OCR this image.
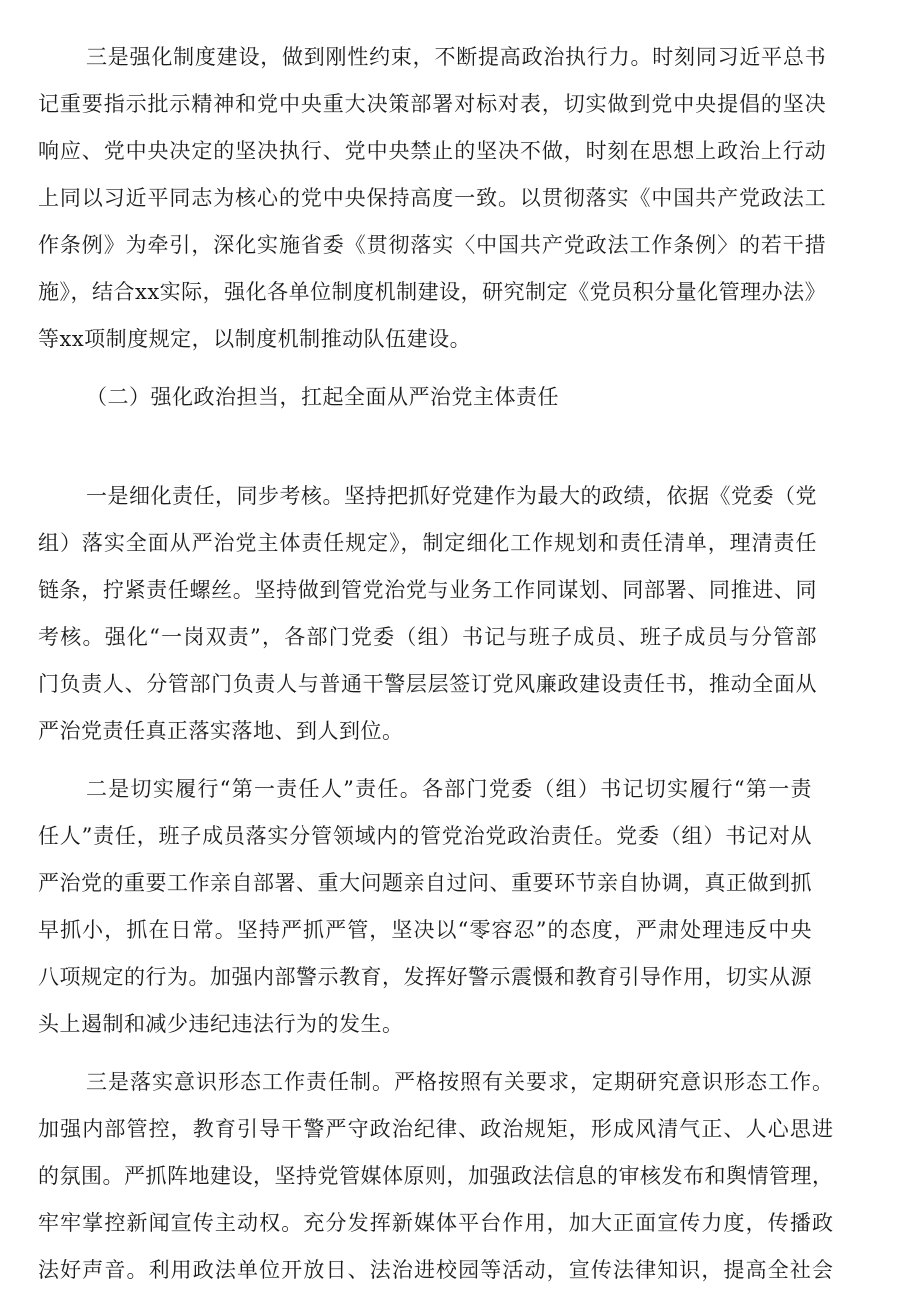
三是强化制度建设，做到刚性约束，不断提高政治执行力。时刻同习近平总书
记重要指示批示精神和党中央重大决策部署对标对表，切实做到党中央提倡的坚决
响应、党中央决定的坚决执行、党中央禁止的坚决不做，时刻在思想上政治上行动
上同以习近平同志为核心的党中央保持高度一致。以贯彻落实《中国共产党政法工
作条例》为牵引，深化实施省委《贯彻落实〈中国共产党政法工作条例〉的若干措
施》，结合xx实际，强化各单位制度机制建设，研究制定《党员积分量化管理办法》
等xx项制度规定，以制度机制推动队伍建设。
（二）强化政治担当，扛起全面从严治党主体责任
一是细化责任，同步考核。坚持把抓好党建作为最大的政绩，依据《党委（党
组）落实全面从严治党主体责任规定》，制定细化工作规划和责任清单，理清责任
链条，拧紧责任螺丝。坚持做到管党治党与业务工作同谋划、同部署、同推进、同
考核。强化“一岗双责”，各部门党委（组）书记与班子成员、班子成员与分管部
门负责人、分管部门负责人与普通干警层层签订党风廉政建设责任书，推动全面从
严治党责任真正落实落地、到人到位。
二是切实履行“第一责任人”责任。各部门党委（组）书记切实履行“第一责
任人”责任，班子成员落实分管领域内的管党治党政治责任。党委（组）书记对从
严治党的重要工作亲自部署、重大问题亲自过问、重要环节亲自协调，真正做到抓
早抓小，抓在日常。坚持严抓严管，坚决以“零容忍”的态度，严肃处理违反中央
八项规定的行为。加强内部警示教育，发挥好警示震慑和教育引导作用，切实从源
头上遏制和减少违纪违法行为的发生。
三是落实意识形态工作责任制。严格按照有关要求，定期研究意识形态工作。
加强内部管控，教育引导干警严守政治纪律、政治规矩，形成风清气正、人心思进
的氛围。严抓阵地建设，坚持党管媒体原则，加强政法信息的审核发布和舆情管理，
牢牢掌控新闻宣传主动权。充分发挥新媒体平台作用，加大正面宣传力度，传播政
法好声音。利用政法单位开放日、法治进校园等活动，宣传法律知识，提高全社会
